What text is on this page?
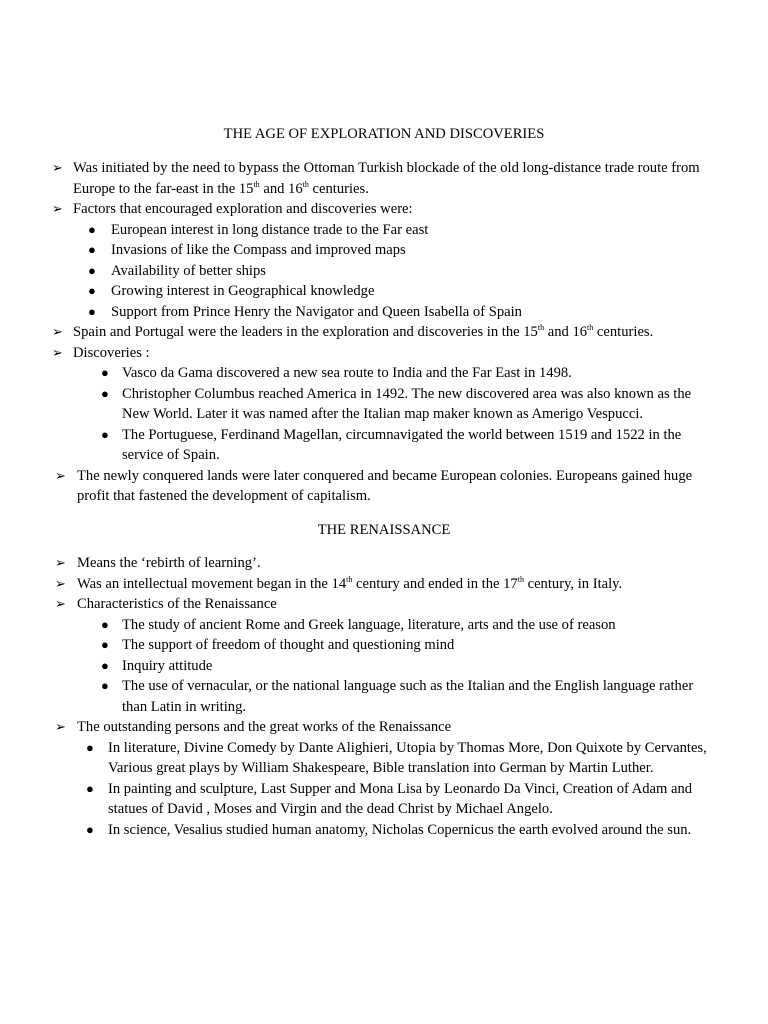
THE AGE OF EXPLORATION AND DISCOVERIES
➢ Was initiated by the need to bypass the Ottoman Turkish blockade of the old long-distance trade route from Europe to the far-east in the 15th and 16th centuries.
➢ Factors that encouraged exploration and discoveries were:
● European interest in long distance trade to the Far east
● Invasions of like the Compass and improved maps
● Availability of better ships
● Growing interest in Geographical knowledge
● Support from Prince Henry the Navigator and Queen Isabella of Spain
➢ Spain and Portugal were the leaders in the exploration and discoveries in the 15th and 16th centuries.
➢ Discoveries :
● Vasco da Gama discovered a new sea route to India and the Far East in 1498.
● Christopher Columbus reached America in 1492. The new discovered area was also known as the New World. Later it was named after the Italian map maker known as Amerigo Vespucci.
● The Portuguese, Ferdinand Magellan, circumnavigated the world between 1519 and 1522 in the service of Spain.
➢ The newly conquered lands were later conquered and became European colonies. Europeans gained huge profit that fastened the development of capitalism.
THE RENAISSANCE
➢ Means the ‘rebirth of learning’.
➢ Was an intellectual movement began in the 14th century and ended in the 17th century, in Italy.
➢ Characteristics of the Renaissance
● The study of ancient Rome and Greek language, literature, arts and the use of reason
● The support of freedom of thought and questioning mind
● Inquiry attitude
● The use of vernacular, or the national language such as the Italian and the English language rather than Latin in writing.
➢ The outstanding persons and the great works of the Renaissance
● In literature, Divine Comedy by Dante Alighieri, Utopia by Thomas More, Don Quixote by Cervantes, Various great plays by William Shakespeare, Bible translation into German by Martin Luther.
● In painting and sculpture, Last Supper and Mona Lisa by Leonardo Da Vinci, Creation of Adam and statues of David , Moses and Virgin and the dead Christ by Michael Angelo.
● In science, Vesalius studied human anatomy, Nicholas Copernicus the earth evolved around the sun.
